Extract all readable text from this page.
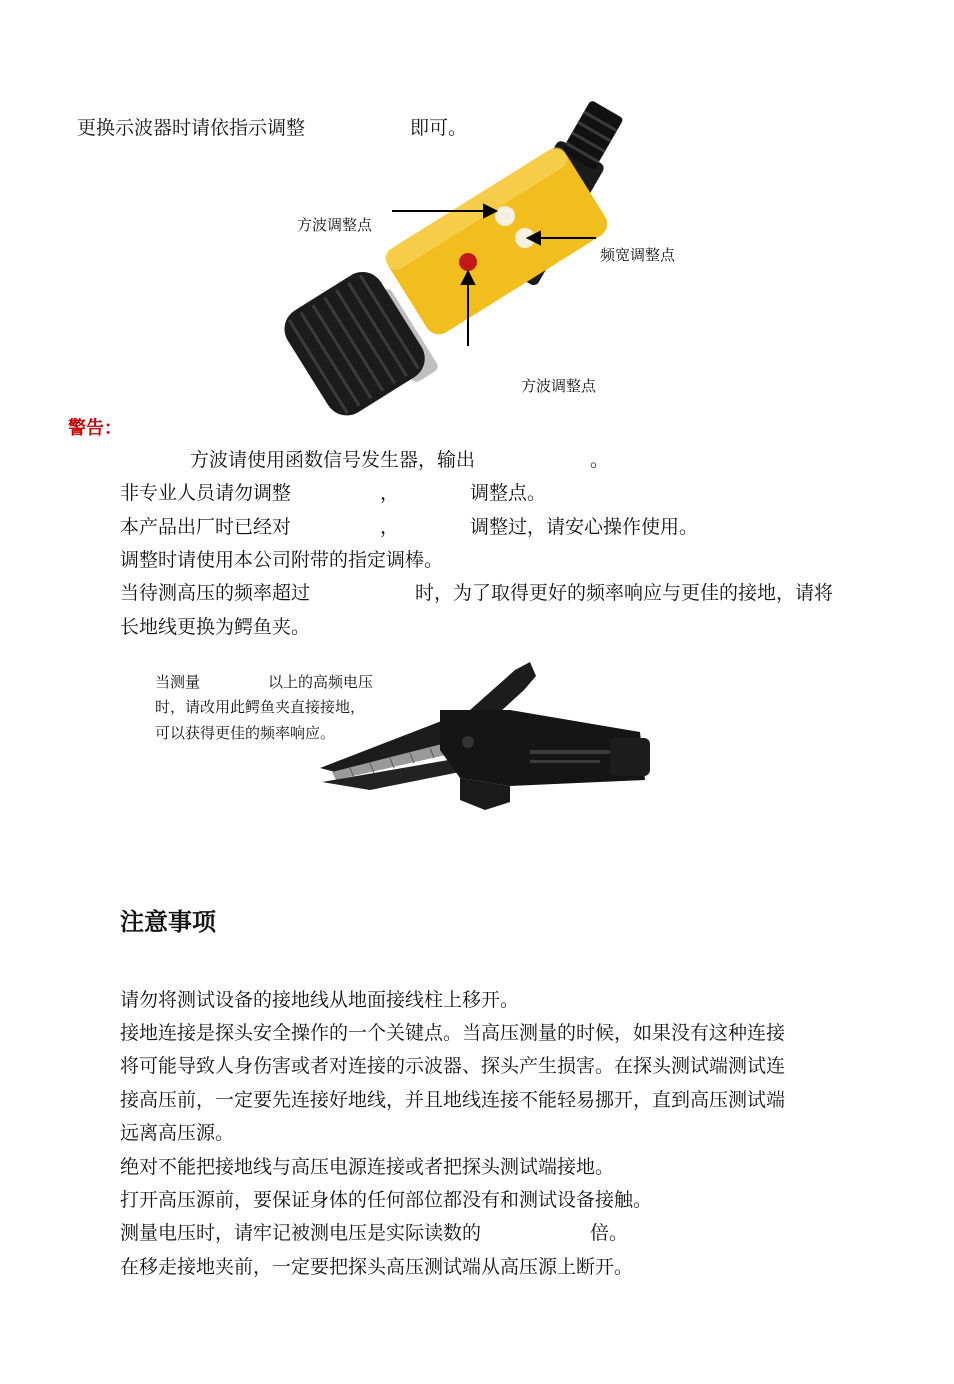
更换示波器时请依指示调整	即可。
方波调整点
频宽调整点
方波调整点
警告：
方波请使用函数信号发生器，输出	。
非专业人员请勿调整	，	调整点。
本产品出厂时已经对	，	调整过，请安心操作使用。
调整时请使用本公司附带的指定调棒。
当待测高压的频率超过	时，为了取得更好的频率响应与更佳的接地，请将
长地线更换为鳄鱼夹。
当测量	以上的高频电压
时，请改用此鳄鱼夹直接接地，
可以获得更佳的频率响应。
注意事项
请勿将测试设备的接地线从地面接线柱上移开。
接地连接是探头安全操作的一个关键点。当高压测量的时候，如果没有这种连接
将可能导致人身伤害或者对连接的示波器、探头产生损害。在探头测试端测试连
接高压前，一定要先连接好地线，并且地线连接不能轻易挪开，直到高压测试端
远离高压源。
绝对不能把接地线与高压电源连接或者把探头测试端接地。
打开高压源前，要保证身体的任何部位都没有和测试设备接触。
测量电压时，请牢记被测电压是实际读数的	倍。
在移走接地夹前，一定要把探头高压测试端从高压源上断开。
